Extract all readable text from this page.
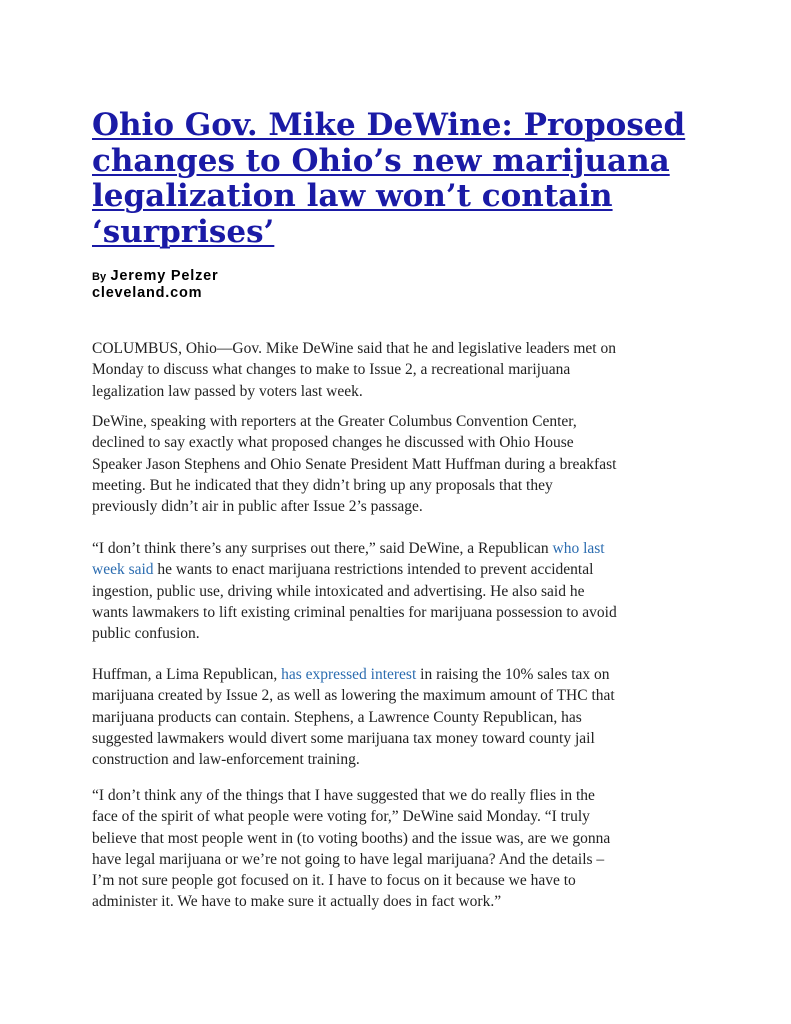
Ohio Gov. Mike DeWine: Proposed
changes to Ohio’s new marijuana
legalization law won’t contain
‘surprises’
By Jeremy Pelzer
cleveland.com

COLUMBUS, Ohio—Gov. Mike DeWine said that he and legislative leaders met on
Monday to discuss what changes to make to Issue 2, a recreational marijuana
legalization law passed by voters last week.

DeWine, speaking with reporters at the Greater Columbus Convention Center,
declined to say exactly what proposed changes he discussed with Ohio House
Speaker Jason Stephens and Ohio Senate President Matt Huffman during a breakfast
meeting. But he indicated that they didn’t bring up any proposals that they
previously didn’t air in public after Issue 2’s passage.

“I don’t think there’s any surprises out there,” said DeWine, a Republican who last
week said he wants to enact marijuana restrictions intended to prevent accidental
ingestion, public use, driving while intoxicated and advertising. He also said he
wants lawmakers to lift existing criminal penalties for marijuana possession to avoid
public confusion.

Huffman, a Lima Republican, has expressed interest in raising the 10% sales tax on
marijuana created by Issue 2, as well as lowering the maximum amount of THC that
marijuana products can contain. Stephens, a Lawrence County Republican, has
suggested lawmakers would divert some marijuana tax money toward county jail
construction and law-enforcement training.

“I don’t think any of the things that I have suggested that we do really flies in the
face of the spirit of what people were voting for,” DeWine said Monday. “I truly
believe that most people went in (to voting booths) and the issue was, are we gonna
have legal marijuana or we’re not going to have legal marijuana? And the details –
I’m not sure people got focused on it. I have to focus on it because we have to
administer it. We have to make sure it actually does in fact work.”
